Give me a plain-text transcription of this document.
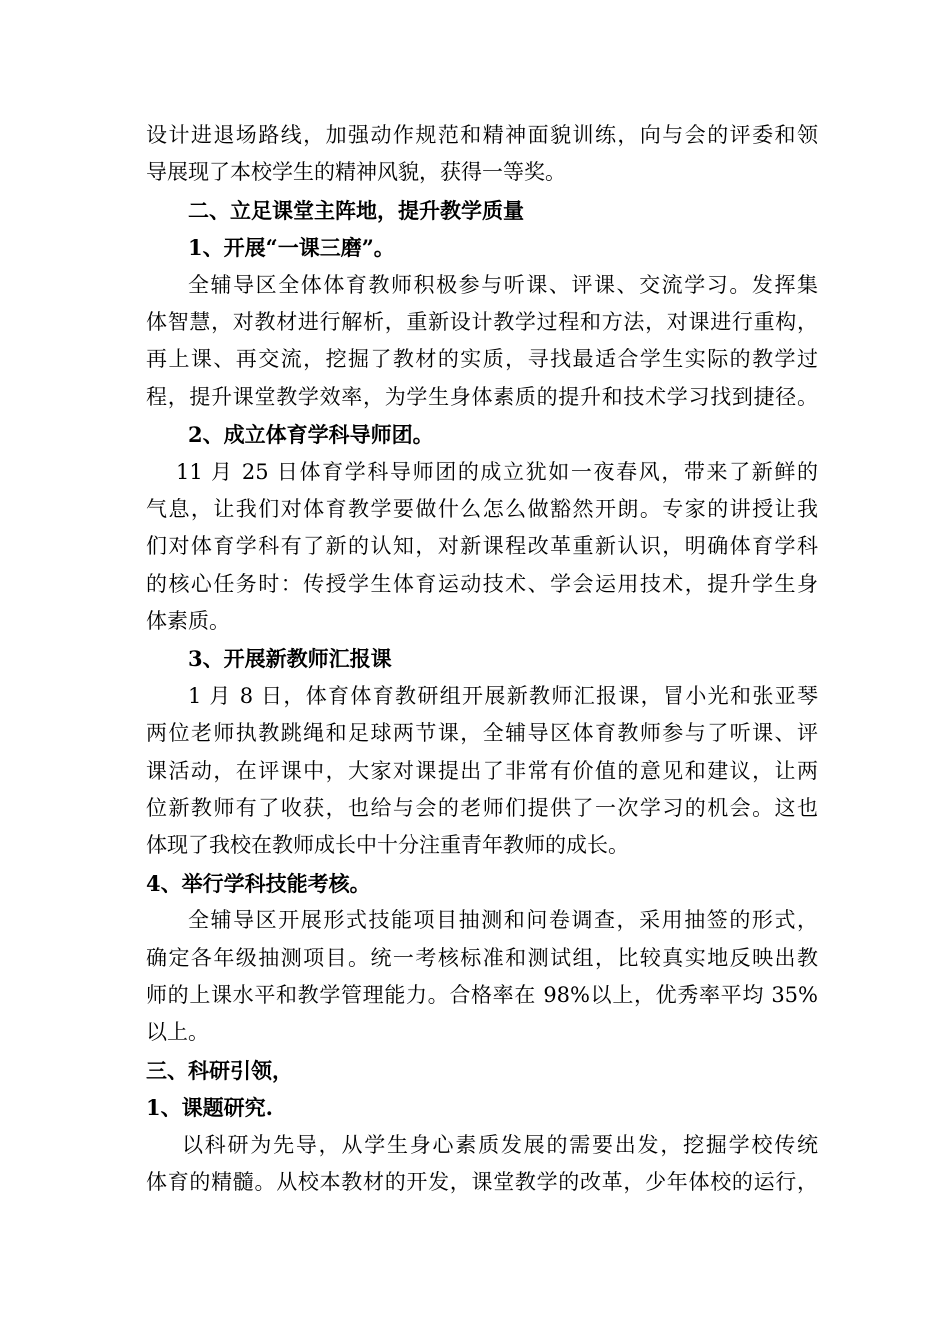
设计进退场路线，加强动作规范和精神面貌训练，向与会的评委和领
导展现了本校学生的精神风貌，获得一等奖。
二、立足课堂主阵地，提升教学质量
1、开展“一课三磨”。
全辅导区全体体育教师积极参与听课、评课、交流学习。发挥集
体智慧，对教材进行解析，重新设计教学过程和方法，对课进行重构，
再上课、再交流，挖掘了教材的实质，寻找最适合学生实际的教学过
程，提升课堂教学效率，为学生身体素质的提升和技术学习找到捷径。
2、成立体育学科导师团。
11 月 25 日体育学科导师团的成立犹如一夜春风，带来了新鲜的
气息，让我们对体育教学要做什么怎么做豁然开朗。专家的讲授让我
们对体育学科有了新的认知，对新课程改革重新认识，明确体育学科
的核心任务时：传授学生体育运动技术、学会运用技术，提升学生身
体素质。
3、开展新教师汇报课
1 月 8 日，体育体育教研组开展新教师汇报课，冒小光和张亚琴
两位老师执教跳绳和足球两节课，全辅导区体育教师参与了听课、评
课活动，在评课中，大家对课提出了非常有价值的意见和建议，让两
位新教师有了收获，也给与会的老师们提供了一次学习的机会。这也
体现了我校在教师成长中十分注重青年教师的成长。
4、举行学科技能考核。
全辅导区开展形式技能项目抽测和问卷调查，采用抽签的形式，
确定各年级抽测项目。统一考核标准和测试组，比较真实地反映出教
师的上课水平和教学管理能力。合格率在 98%以上，优秀率平均 35%
以上。
三、科研引领，
1、课题研究.
以科研为先导，从学生身心素质发展的需要出发，挖掘学校传统
体育的精髓。从校本教材的开发，课堂教学的改革，少年体校的运行，
